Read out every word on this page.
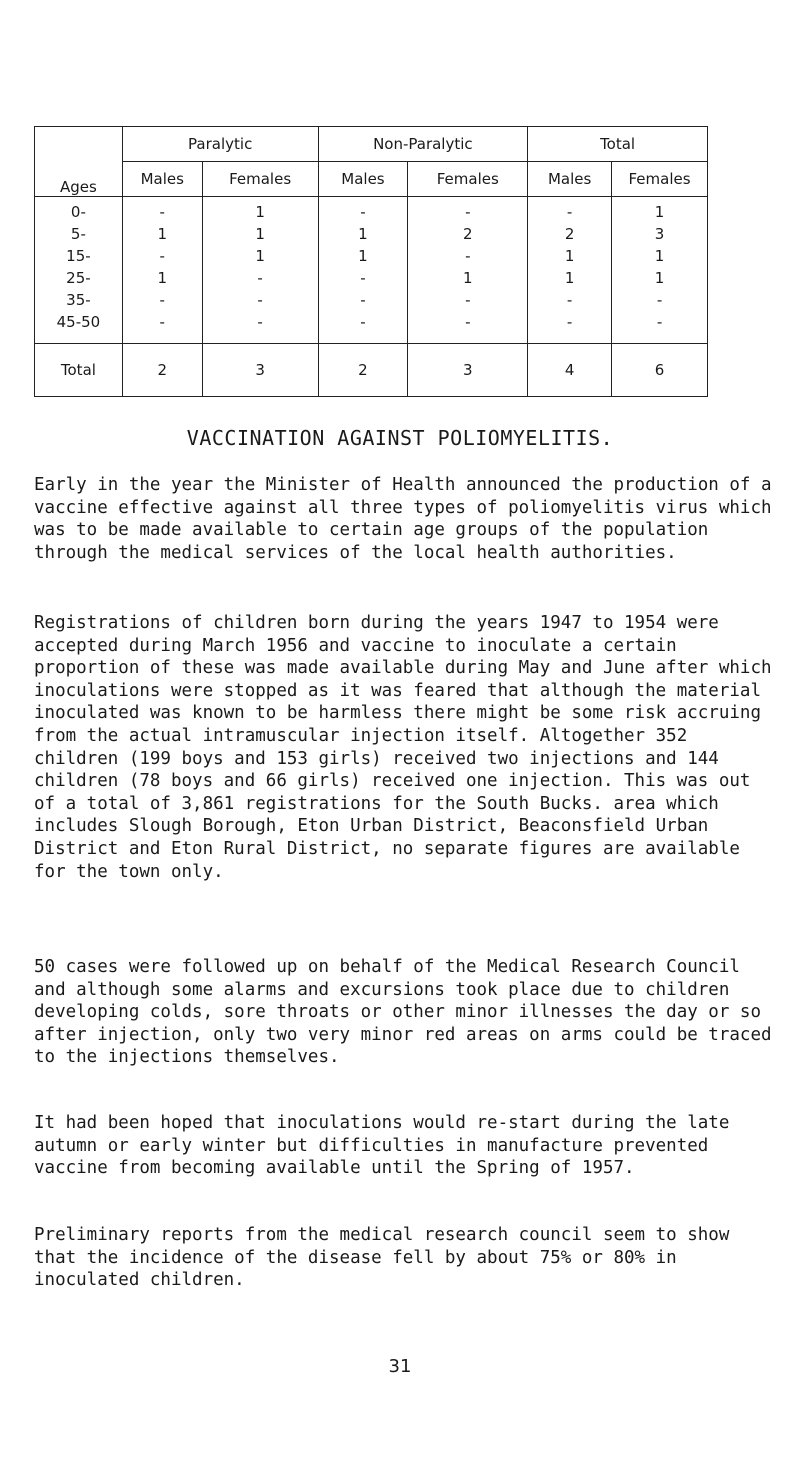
Ages	Paralytic		Non-Paralytic		Total	
	Males	Females	Males	Females	Males	Females
0-	-	1	-	-	-	1
5-	1	1	1	2	2	3
15-	-	1	1	-	1	1
25-	1	-	-	1	1	1
35-	-	-	-	-	-	-
45-50	-	-	-	-	-	-
Total	2	3	2	3	4	6
VACCINATION AGAINST POLIOMYELITIS.

Early in the year the Minister of Health announced the production of a vaccine effective against all three types of poliomyelitis virus which was to be made available to certain age groups of the population through the medical services of the local health authorities.

Registrations of children born during the years 1947 to 1954 were accepted during March 1956 and vaccine to inoculate a certain proportion of these was made available during May and June after which inoculations were stopped as it was feared that although the material inoculated was known to be harmless there might be some risk accruing from the actual intramuscular injection itself. Altogether 352 children (199 boys and 153 girls) received two injections and 144 children (78 boys and 66 girls) received one injection. This was out of a total of 3,861 registrations for the South Bucks. area which includes Slough Borough, Eton Urban District, Beaconsfield Urban District and Eton Rural District, no separate figures are available for the town only.

50 cases were followed up on behalf of the Medical Research Council and although some alarms and excursions took place due to children developing colds, sore throats or other minor illnesses the day or so after injection, only two very minor red areas on arms could be traced to the injections themselves.

It had been hoped that inoculations would re-start during the late autumn or early winter but difficulties in manufacture prevented vaccine from becoming available until the Spring of 1957.

Preliminary reports from the medical research council seem to show that the incidence of the disease fell by about 75% or 80% in inoculated children.

31
